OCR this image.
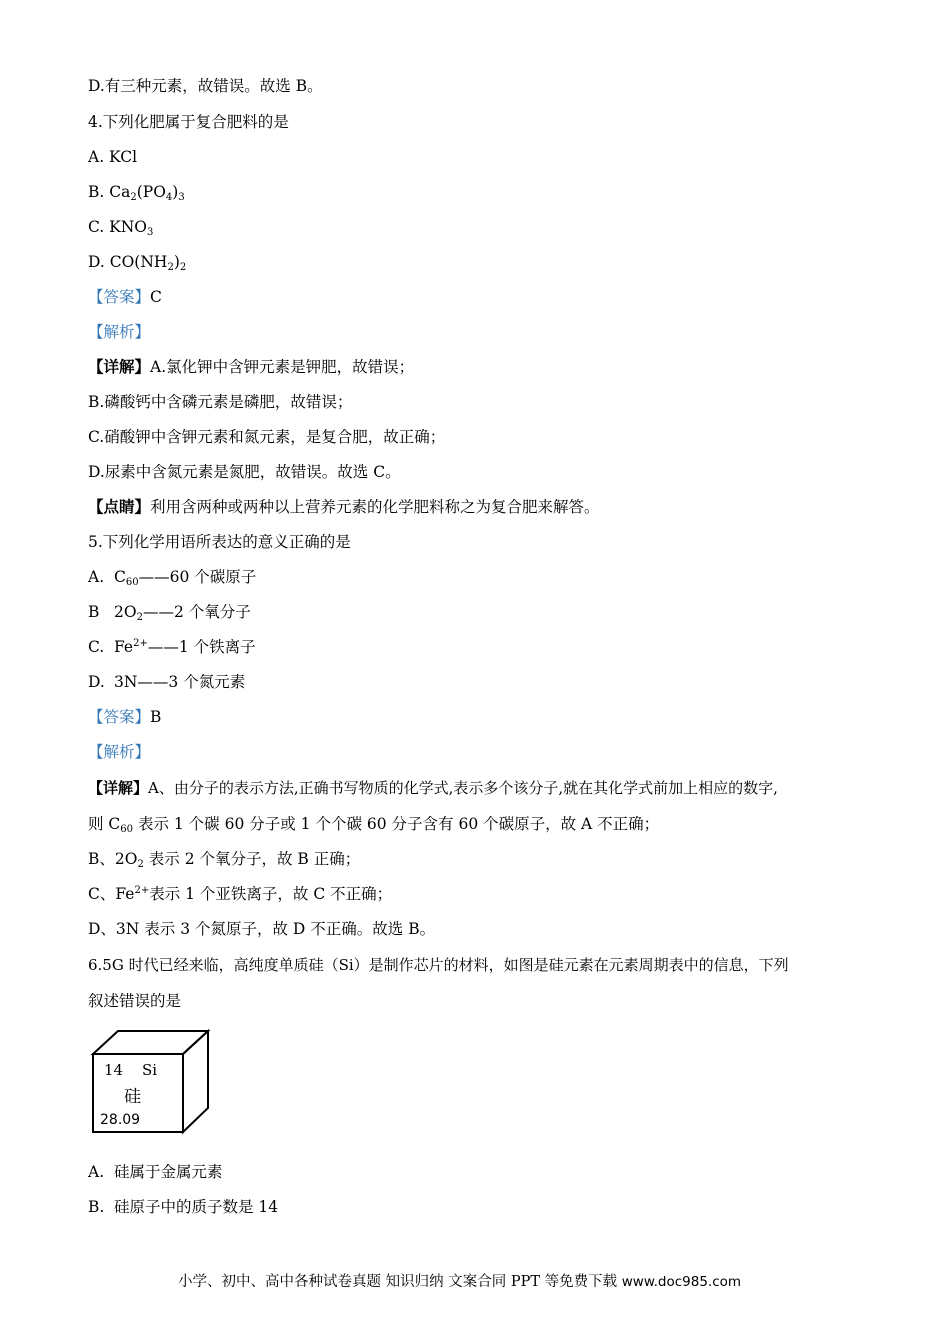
D.有三种元素，故错误。故选 B。
4.下列化肥属于复合肥料的是
A. KCl
B. $Ca_2(PO_4)_3$
C. $KNO_3$
D. $CO(NH_2)_2$
【答案】C
【解析】
【详解】A.氯化钾中含钾元素是钾肥，故错误；
B.磷酸钙中含磷元素是磷肥，故错误；
C.硝酸钾中含钾元素和氮元素，是复合肥，故正确；
D.尿素中含氮元素是氮肥，故错误。故选 C。
【点睛】利用含两种或两种以上营养元素的化学肥料称之为复合肥来解答。
5.下列化学用语所表达的意义正确的是
A. $C_{60}——60$ 个碳原子
B $2O_2——2$ 个氧分子
C. $Fe^{2+}——1$ 个铁离子
D. 3N——3 个氮元素
【答案】B
【解析】
【详解】A、由分子的表示方法,正确书写物质的化学式,表示多个该分子,就在其化学式前加上相应的数字,
则 $C_{60}$ 表示 1 个碳 60 分子或 1 个个碳 60 分子含有 60 个碳原子，故 A 不正确；
B、$2O_2$ 表示 2 个氧分子，故 B 正确；
C、$Fe^{2+}$表示 1 个亚铁离子，故 C 不正确；
D、3N 表示 3 个氮原子，故 D 不正确。故选 B。
6.5G 时代已经来临，高纯度单质硅（Si）是制作芯片的材料，如图是硅元素在元素周期表中的信息，下列
叙述错误的是
14 Si
硅
28.09
A. 硅属于金属元素
B. 硅原子中的质子数是 14
小学、初中、高中各种试卷真题 知识归纳 文案合同 PPT 等免费下载 www.doc985.com
